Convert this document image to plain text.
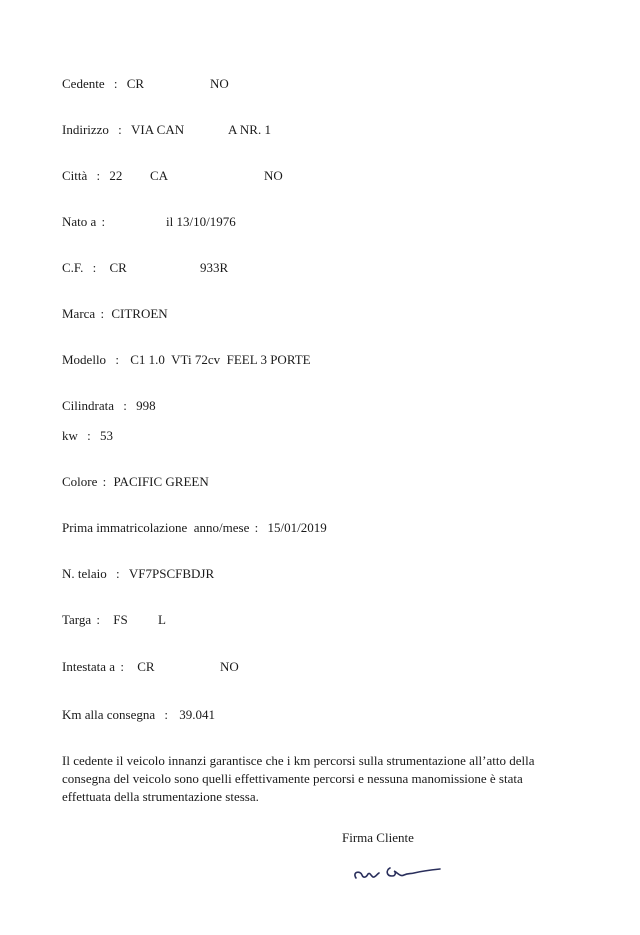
Cedente : CR	NO
Indirizzo : VIA CAN	A NR. 1
Città : 22 CA	NO
Nato a :	il 13/10/1976
C.F. : CR	933R
Marca : CITROEN
Modello : C1 1.0  VTi 72cv  FEEL 3 PORTE
Cilindrata : 998
kw : 53
Colore : PACIFIC GREEN
Prima immatricolazione  anno/mese : 15/01/2019
N. telaio : VF7PSCFBDJR
Targa : FS L
Intestata a : CR	NO
Km alla consegna : 39.041
Il cedente il veicolo innanzi garantisce che i km percorsi sulla strumentazione all’atto della consegna del veicolo sono quelli effettivamente percorsi e nessuna manomissione è stata effettuata della strumentazione stessa.
Firma Cliente
